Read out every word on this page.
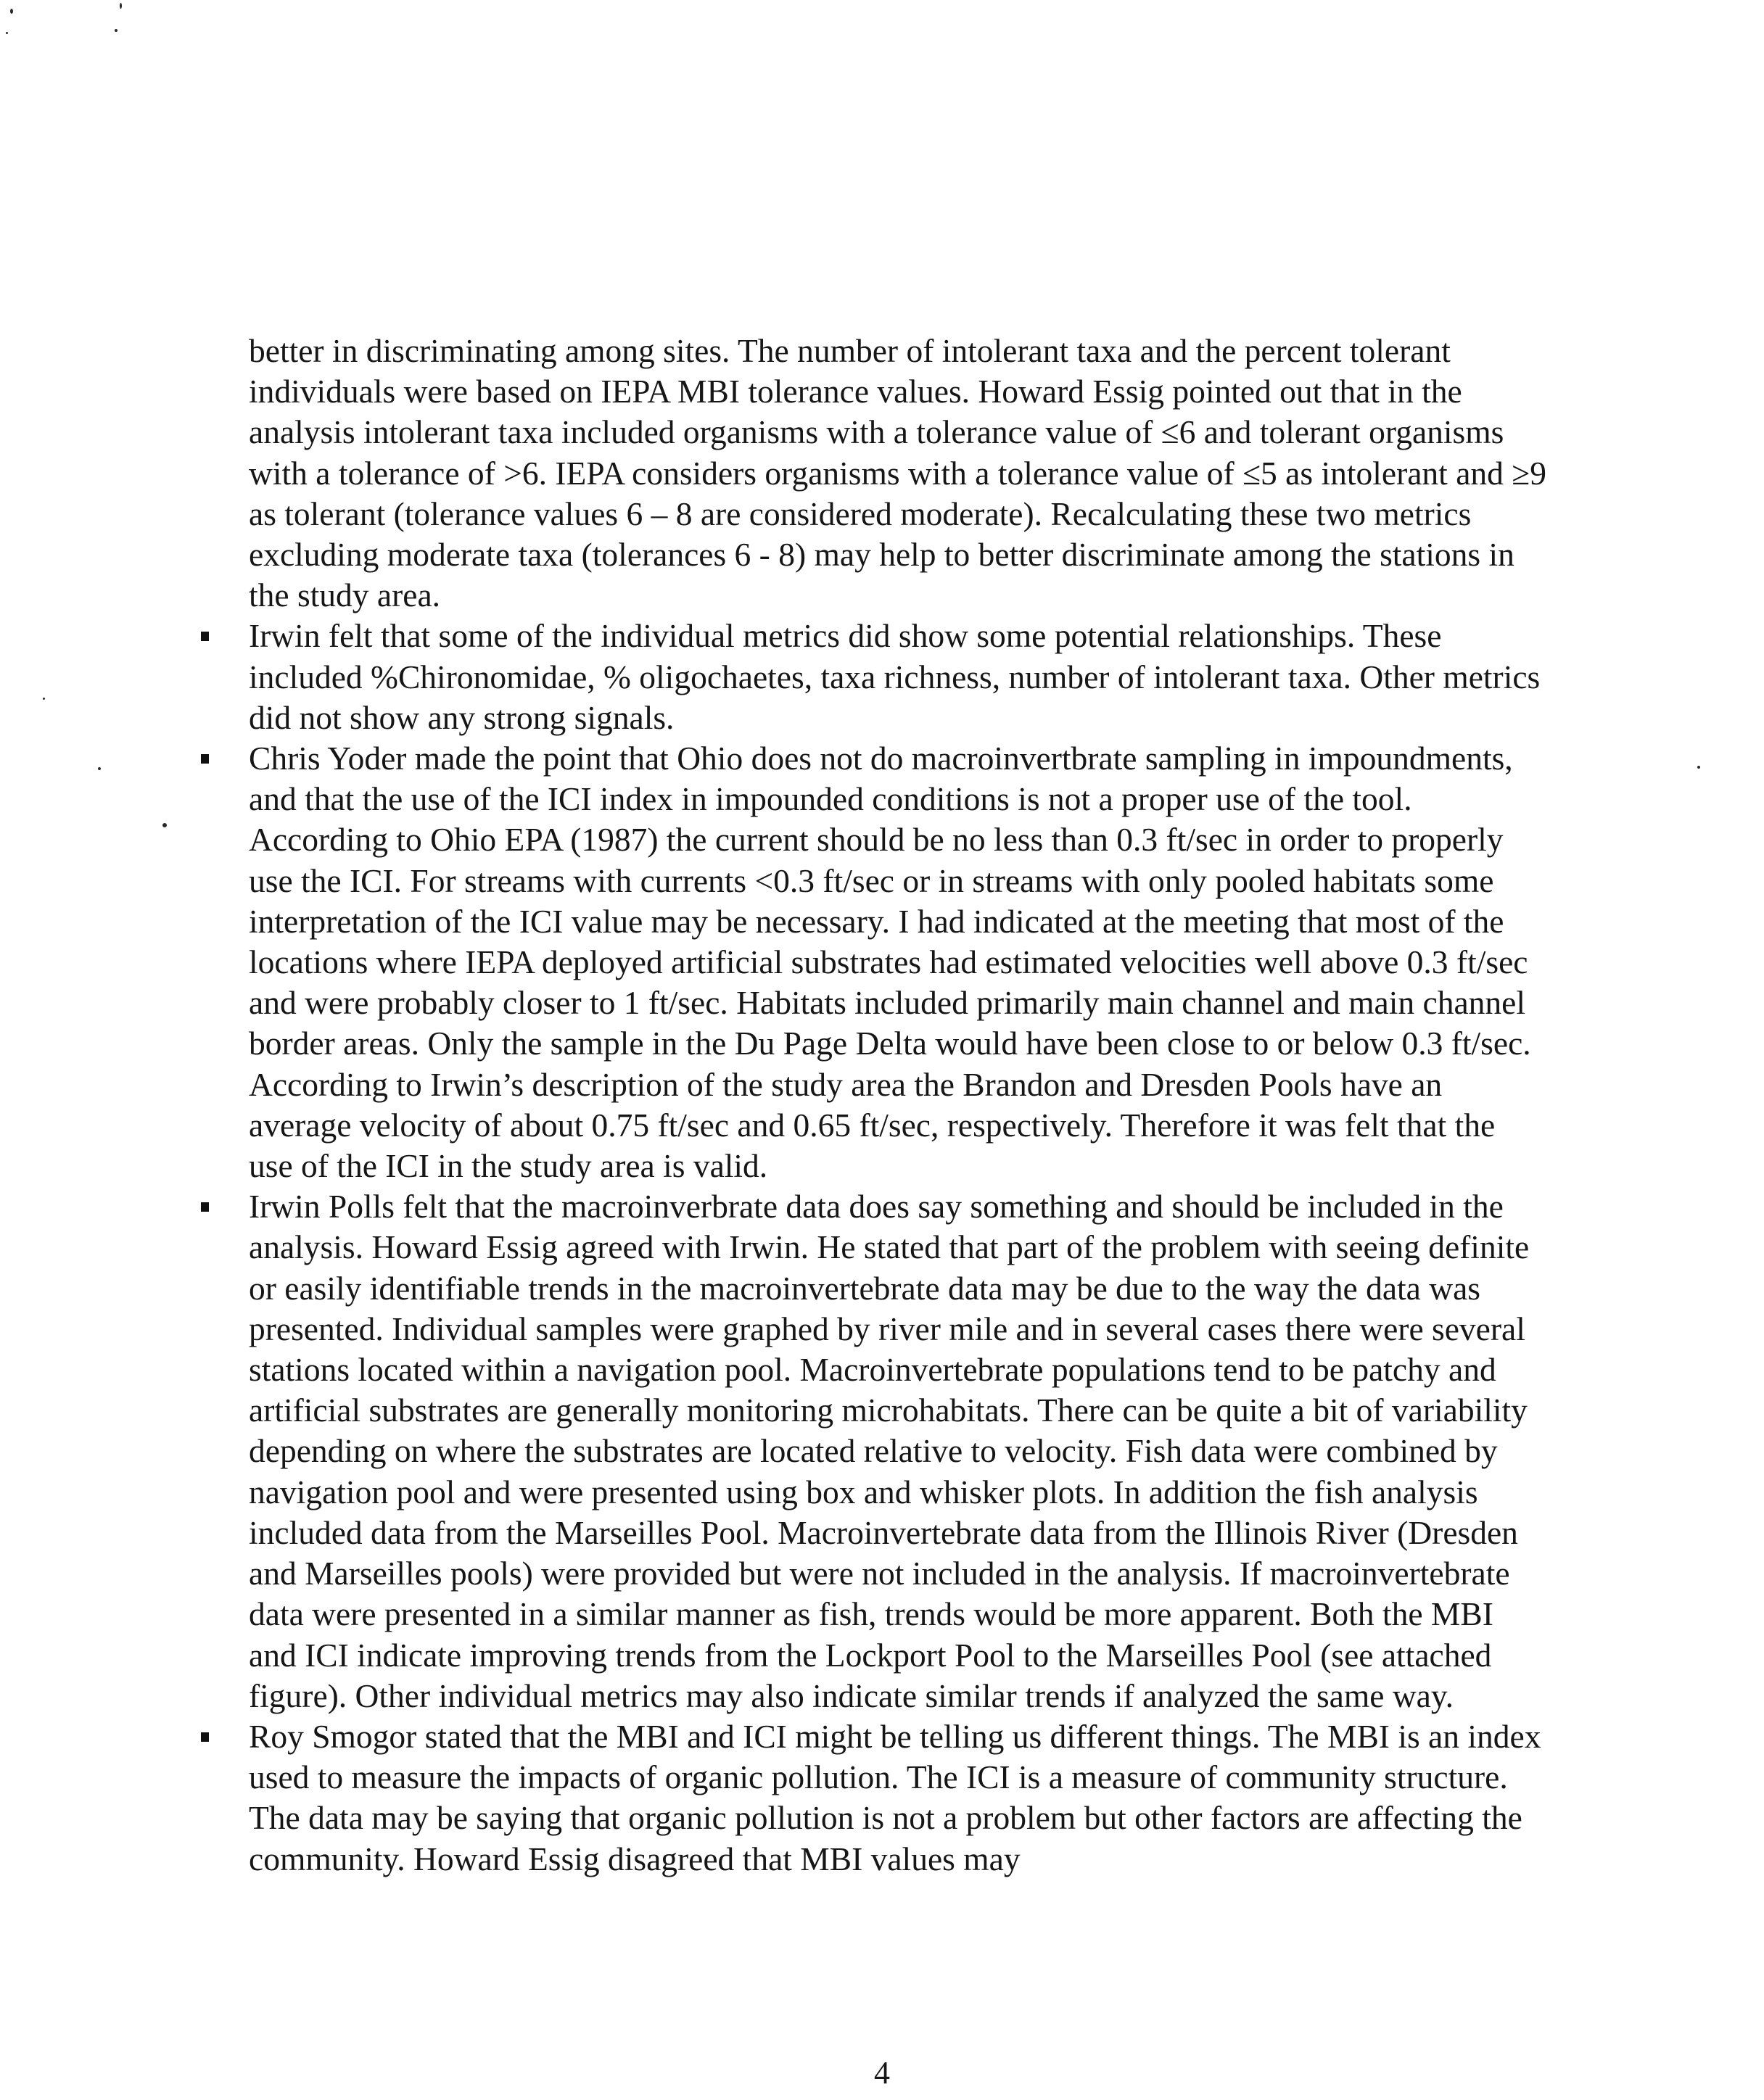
better in discriminating among sites. The number of intolerant taxa and the percent tolerant individuals were based on IEPA MBI tolerance values. Howard Essig pointed out that in the analysis intolerant taxa included organisms with a tolerance value of ≤6 and tolerant organisms with a tolerance of >6. IEPA considers organisms with a tolerance value of ≤5 as intolerant and ≥9 as tolerant (tolerance values 6 – 8 are considered moderate). Recalculating these two metrics excluding moderate taxa (tolerances 6 - 8) may help to better discriminate among the stations in the study area.

Irwin felt that some of the individual metrics did show some potential relationships. These included %Chironomidae, % oligochaetes, taxa richness, number of intolerant taxa. Other metrics did not show any strong signals.
Chris Yoder made the point that Ohio does not do macroinvertbrate sampling in impoundments, and that the use of the ICI index in impounded conditions is not a proper use of the tool. According to Ohio EPA (1987) the current should be no less than 0.3 ft/sec in order to properly use the ICI. For streams with currents <0.3 ft/sec or in streams with only pooled habitats some interpretation of the ICI value may be necessary. I had indicated at the meeting that most of the locations where IEPA deployed artificial substrates had estimated velocities well above 0.3 ft/sec and were probably closer to 1 ft/sec. Habitats included primarily main channel and main channel border areas. Only the sample in the Du Page Delta would have been close to or below 0.3 ft/sec. According to Irwin’s description of the study area the Brandon and Dresden Pools have an average velocity of about 0.75 ft/sec and 0.65 ft/sec, respectively. Therefore it was felt that the use of the ICI in the study area is valid.
Irwin Polls felt that the macroinverbrate data does say something and should be included in the analysis. Howard Essig agreed with Irwin. He stated that part of the problem with seeing definite or easily identifiable trends in the macroinvertebrate data may be due to the way the data was presented. Individual samples were graphed by river mile and in several cases there were several stations located within a navigation pool. Macroinvertebrate populations tend to be patchy and artificial substrates are generally monitoring microhabitats. There can be quite a bit of variability depending on where the substrates are located relative to velocity. Fish data were combined by navigation pool and were presented using box and whisker plots. In addition the fish analysis included data from the Marseilles Pool. Macroinvertebrate data from the Illinois River (Dresden and Marseilles pools) were provided but were not included in the analysis. If macroinvertebrate data were presented in a similar manner as fish, trends would be more apparent. Both the MBI and ICI indicate improving trends from the Lockport Pool to the Marseilles Pool (see attached figure). Other individual metrics may also indicate similar trends if analyzed the same way.
Roy Smogor stated that the MBI and ICI might be telling us different things. The MBI is an index used to measure the impacts of organic pollution. The ICI is a measure of community structure. The data may be saying that organic pollution is not a problem but other factors are affecting the community. Howard Essig disagreed that MBI values may
4
